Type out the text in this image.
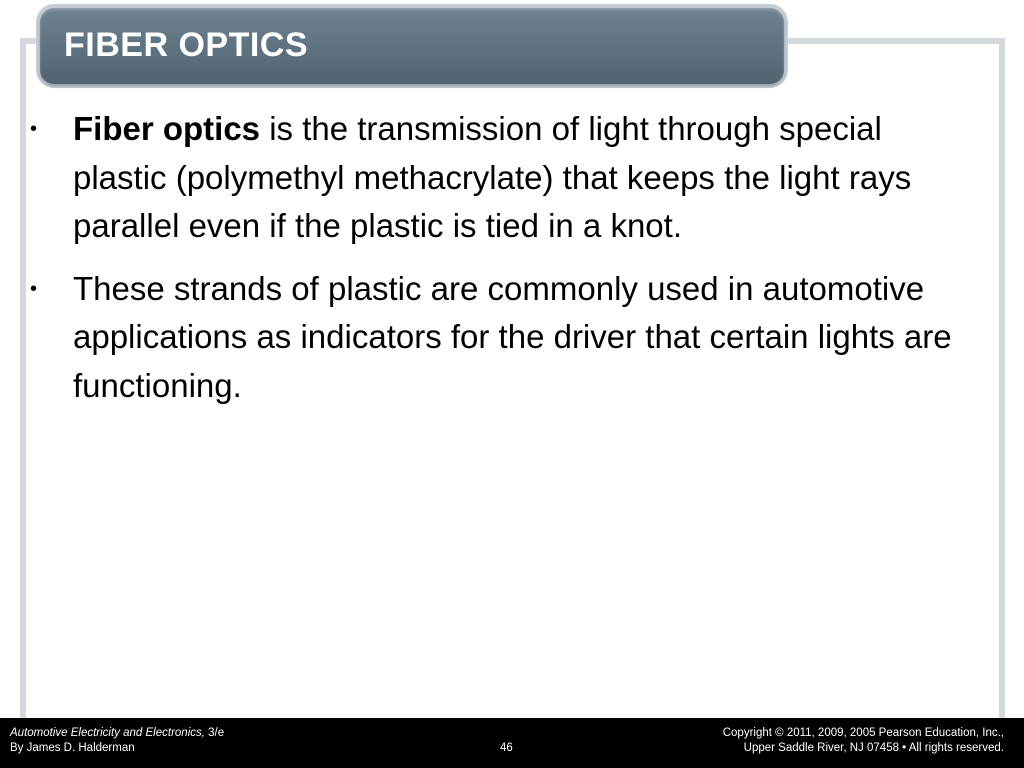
FIBER OPTICS
•	Fiber optics is the transmission of light through special plastic (polymethyl methacrylate) that keeps the light rays parallel even if the plastic is tied in a knot.
•	These strands of plastic are commonly used in automotive applications as indicators for the driver that certain lights are functioning.
Automotive Electricity and Electronics, 3/e
By James D. Halderman	46
Copyright © 2011, 2009, 2005 Pearson Education, Inc.,
Upper Saddle River, NJ 07458 • All rights reserved.
